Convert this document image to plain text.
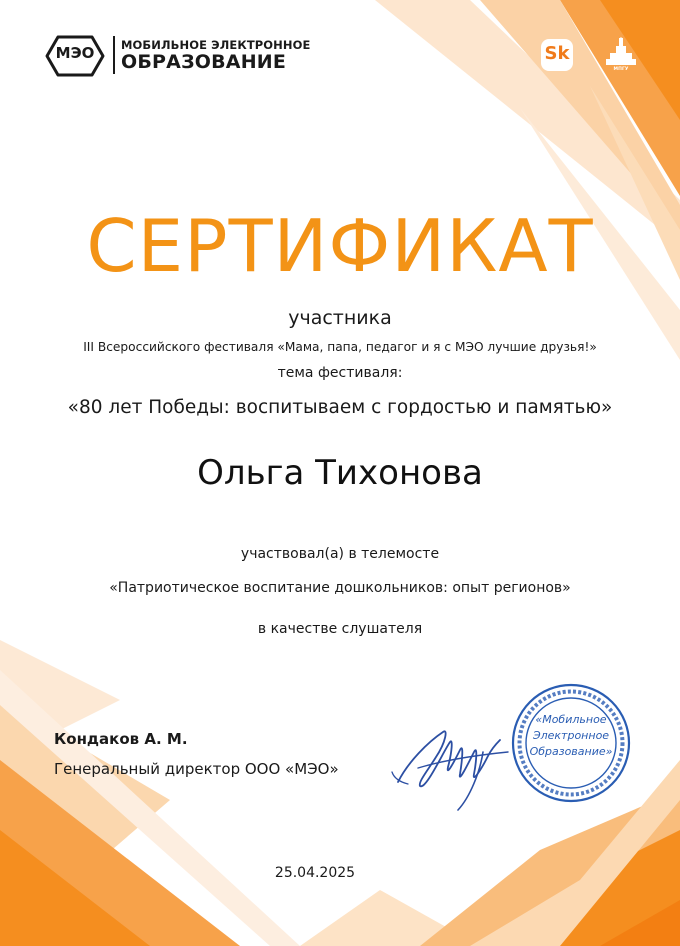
МЭО	МОБИЛЬНОЕ ЭЛЕКТРОННОЕ
ОБРАЗОВАНИЕ	Sk
МПГУ
СЕРТИФИКАТ
участника
III Всероссийского фестиваля «Мама, папа, педагог и я с МЭО лучшие друзья!»
тема фестиваля:
«80 лет Победы: воспитываем с гордостью и памятью»
Ольга Тихонова
участвовал(а) в телемосте
«Патриотическое воспитание дошкольников: опыт регионов»
в качестве слушателя
Кондаков А. М.
Генеральный директор ООО «МЭО»
«Мобильное
Электронное
Образование»
25.04.2025
